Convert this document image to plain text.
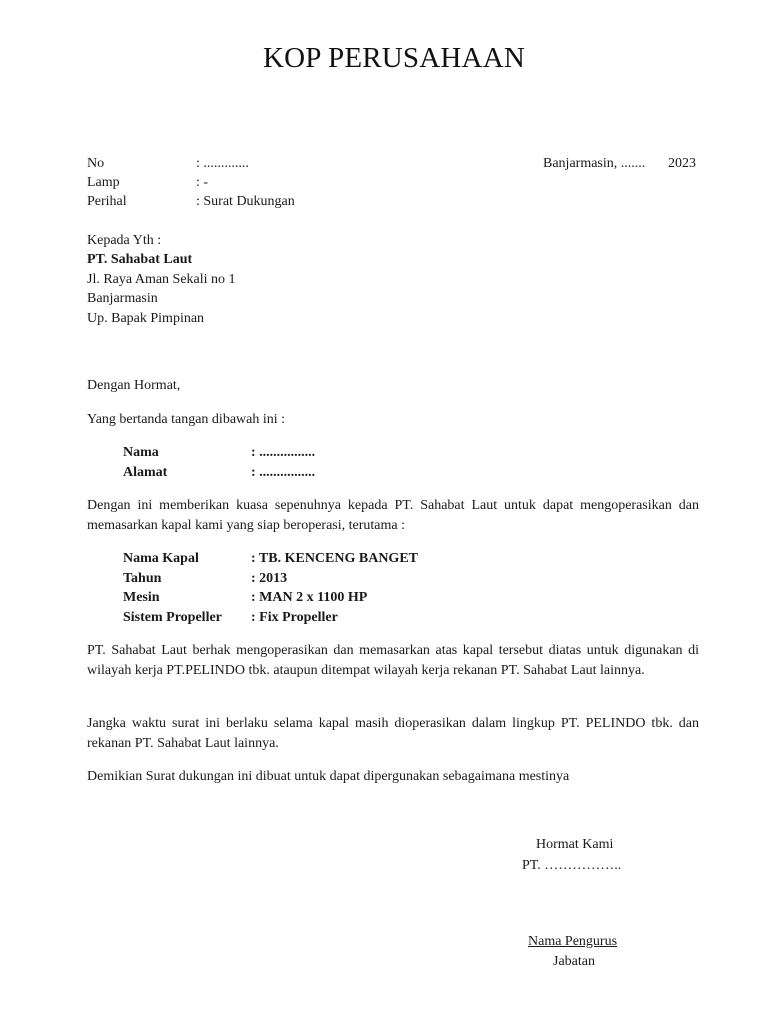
KOP PERUSAHAAN
No	: .............	Banjarmasin, ....... 2023
Lamp	: -
Perihal	: Surat Dukungan
Kepada Yth :
PT. Sahabat Laut
Jl. Raya Aman Sekali no 1
Banjarmasin
Up. Bapak Pimpinan
Dengan Hormat,
Yang bertanda tangan dibawah ini :
Nama	: ................
Alamat	: ................
Dengan ini memberikan kuasa sepenuhnya kepada PT. Sahabat Laut untuk dapat mengoperasikan dan memasarkan kapal kami yang siap beroperasi, terutama :
Nama Kapal	: TB. KENCENG BANGET
Tahun	: 2013
Mesin	: MAN 2 x 1100 HP
Sistem Propeller : Fix Propeller
PT. Sahabat Laut berhak mengoperasikan dan memasarkan atas kapal tersebut diatas untuk digunakan di wilayah kerja PT.PELINDO tbk. ataupun ditempat wilayah kerja rekanan PT. Sahabat Laut lainnya.
Jangka waktu surat ini berlaku selama kapal masih dioperasikan dalam lingkup PT. PELINDO tbk. dan rekanan PT. Sahabat Laut lainnya.
Demikian Surat dukungan ini dibuat untuk dapat dipergunakan sebagaimana mestinya
Hormat Kami
PT. ……………..
Nama Pengurus
Jabatan
